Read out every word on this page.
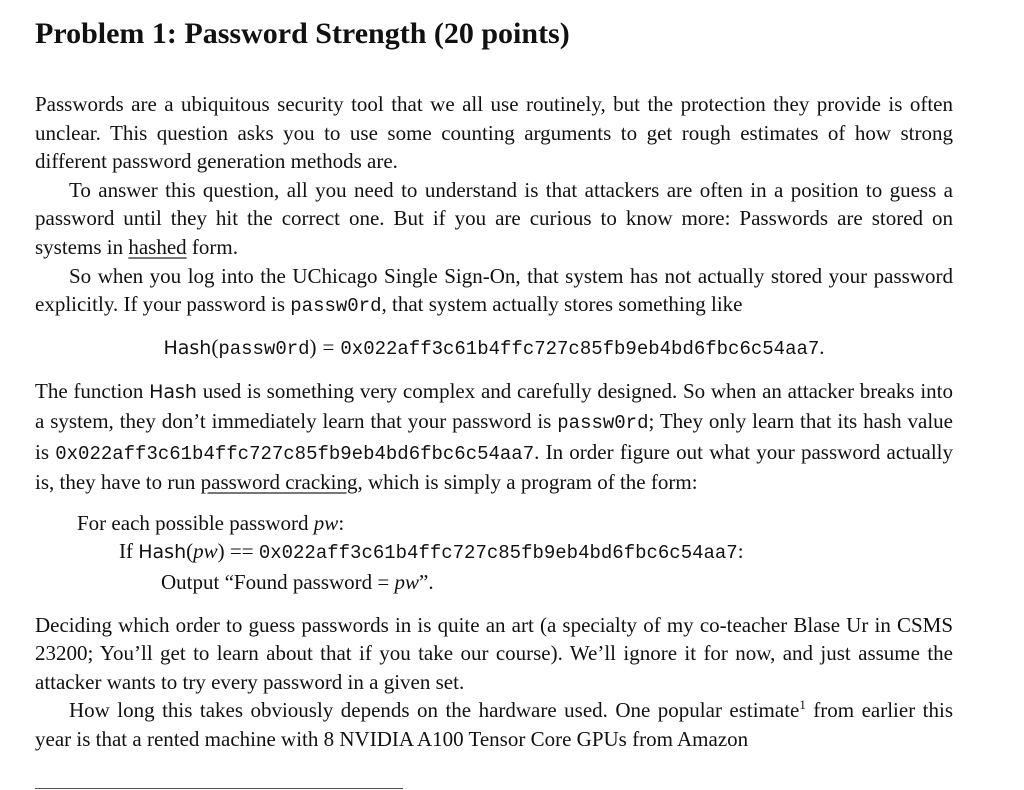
Problem 1: Password Strength (20 points)

Passwords are a ubiquitous security tool that we all use routinely, but the protection they provide is often unclear. This question asks you to use some counting arguments to get rough estimates of how strong different password generation methods are.

To answer this question, all you need to understand is that attackers are often in a position to guess a password until they hit the correct one. But if you are curious to know more: Passwords are stored on systems in hashed form.

So when you log into the UChicago Single Sign-On, that system has not actually stored your password explicitly. If your password is passw0rd, that system actually stores something like

Hash(passw0rd) = 0x022aff3c61b4ffc727c85fb9eb4bd6fbc6c54aa7.

The function Hash used is something very complex and carefully designed. So when an attacker breaks into a system, they don’t immediately learn that your password is passw0rd; They only learn that its hash value is 0x022aff3c61b4ffc727c85fb9eb4bd6fbc6c54aa7. In order figure out what your password actually is, they have to run password cracking, which is simply a program of the form:

For each possible password pw:
If Hash(pw) == 0x022aff3c61b4ffc727c85fb9eb4bd6fbc6c54aa7:
Output “Found password = pw”.

Deciding which order to guess passwords in is quite an art (a specialty of my co-teacher Blase Ur in CSMS 23200; You’ll get to learn about that if you take our course). We’ll ignore it for now, and just assume the attacker wants to try every password in a given set.

How long this takes obviously depends on the hardware used. One popular estimate$^1$ from earlier this year is that a rented machine with 8 NVIDIA A100 Tensor Core GPUs from Amazon
